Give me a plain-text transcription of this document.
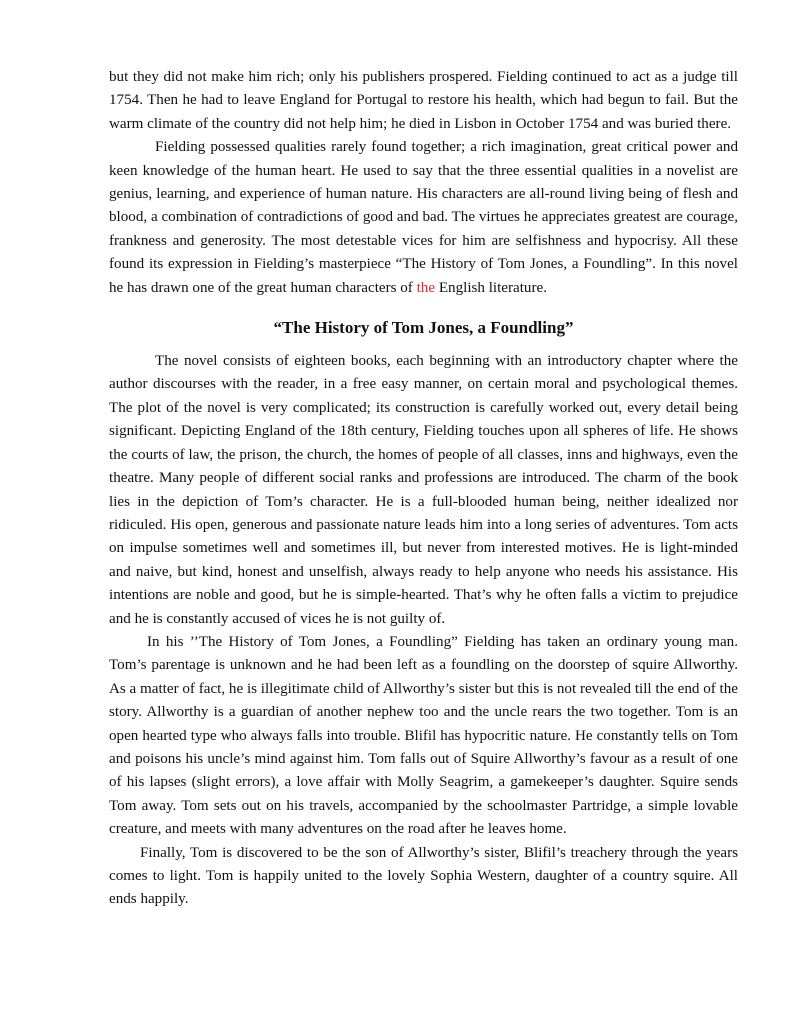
but they did not make him rich; only his publishers prospered. Fielding continued to act as a judge till 1754. Then he had to leave England for Portugal to restore his health, which had begun to fail. But the warm climate of the country did not help him; he died in Lisbon in October 1754 and was buried there.

Fielding possessed qualities rarely found together; a rich imagination, great critical power and keen knowledge of the human heart. He used to say that the three essential qualities in a novelist are genius, learning, and experience of human nature. His characters are all-round living being of flesh and blood, a combination of contradictions of good and bad. The virtues he appreciates greatest are courage, frankness and generosity. The most detestable vices for him are selfishness and hypocrisy. All these found its expression in Fielding’s masterpiece “The History of Tom Jones, a Foundling”. In this novel he has drawn one of the great human characters of the English literature.

“The History of Tom Jones, a Foundling”

The novel consists of eighteen books, each beginning with an introductory chapter where the author discourses with the reader, in a free easy manner, on certain moral and psychological themes. The plot of the novel is very complicated; its construction is carefully worked out, every detail being significant. Depicting England of the 18th century, Fielding touches upon all spheres of life. He shows the courts of law, the prison, the church, the homes of people of all classes, inns and highways, even the theatre. Many people of different social ranks and professions are introduced. The charm of the book lies in the depiction of Tom’s character. He is a full-blooded human being, neither idealized nor ridiculed. His open, generous and passionate nature leads him into a long series of adventures. Tom acts on impulse sometimes well and sometimes ill, but never from interested motives. He is light-minded and naive, but kind, honest and unselfish, always ready to help anyone who needs his assistance. His intentions are noble and good, but he is simple-hearted. That’s why he often falls a victim to prejudice and he is constantly accused of vices he is not guilty of.

In his ’’The History of Tom Jones, a Foundling” Fielding has taken an ordinary young man. Tom’s parentage is unknown and he had been left as a foundling on the doorstep of squire Allworthy. As a matter of fact, he is illegitimate child of Allworthy’s sister but this is not revealed till the end of the story. Allworthy is a guardian of another nephew too and the uncle rears the two together. Tom is an open hearted type who always falls into trouble. Blifil has hypocritic nature. He constantly tells on Tom and poisons his uncle’s mind against him. Tom falls out of Squire Allworthy’s favour as a result of one of his lapses (slight errors), a love affair with Molly Seagrim, a gamekeeper’s daughter. Squire sends Tom away. Tom sets out on his travels, accompanied by the schoolmaster Partridge, a simple lovable creature, and meets with many adventures on the road after he leaves home.

Finally, Tom is discovered to be the son of Allworthy’s sister, Blifil’s treachery through the years comes to light. Tom is happily united to the lovely Sophia Western, daughter of a country squire. All ends happily.
